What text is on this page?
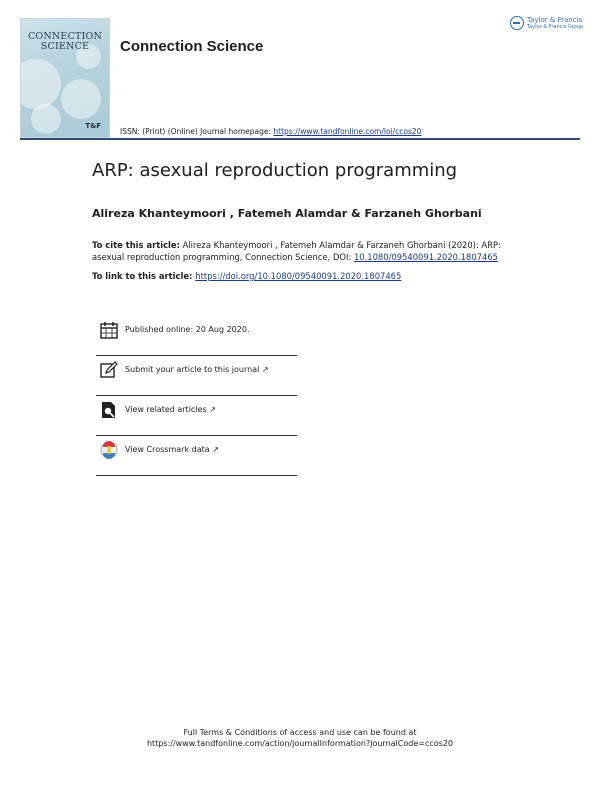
CONNECTION
SCIENCE
T&F
Connection Science
ISSN: (Print) (Online) Journal homepage: https://www.tandfonline.com/loi/ccos20
Taylor & Francis
Taylor & Francis Group
ARP: asexual reproduction programming
Alireza Khanteymoori , Fatemeh Alamdar & Farzaneh Ghorbani
To cite this article: Alireza Khanteymoori , Fatemeh Alamdar & Farzaneh Ghorbani (2020): ARP: asexual reproduction programming, Connection Science, DOI: 10.1080/09540091.2020.1807465
To link to this article: https://doi.org/10.1080/09540091.2020.1807465
Published online: 20 Aug 2020.
Submit your article to this journal ↗
View related articles ↗
View Crossmark data ↗
Full Terms & Conditions of access and use can be found at
https://www.tandfonline.com/action/journalInformation?journalCode=ccos20
